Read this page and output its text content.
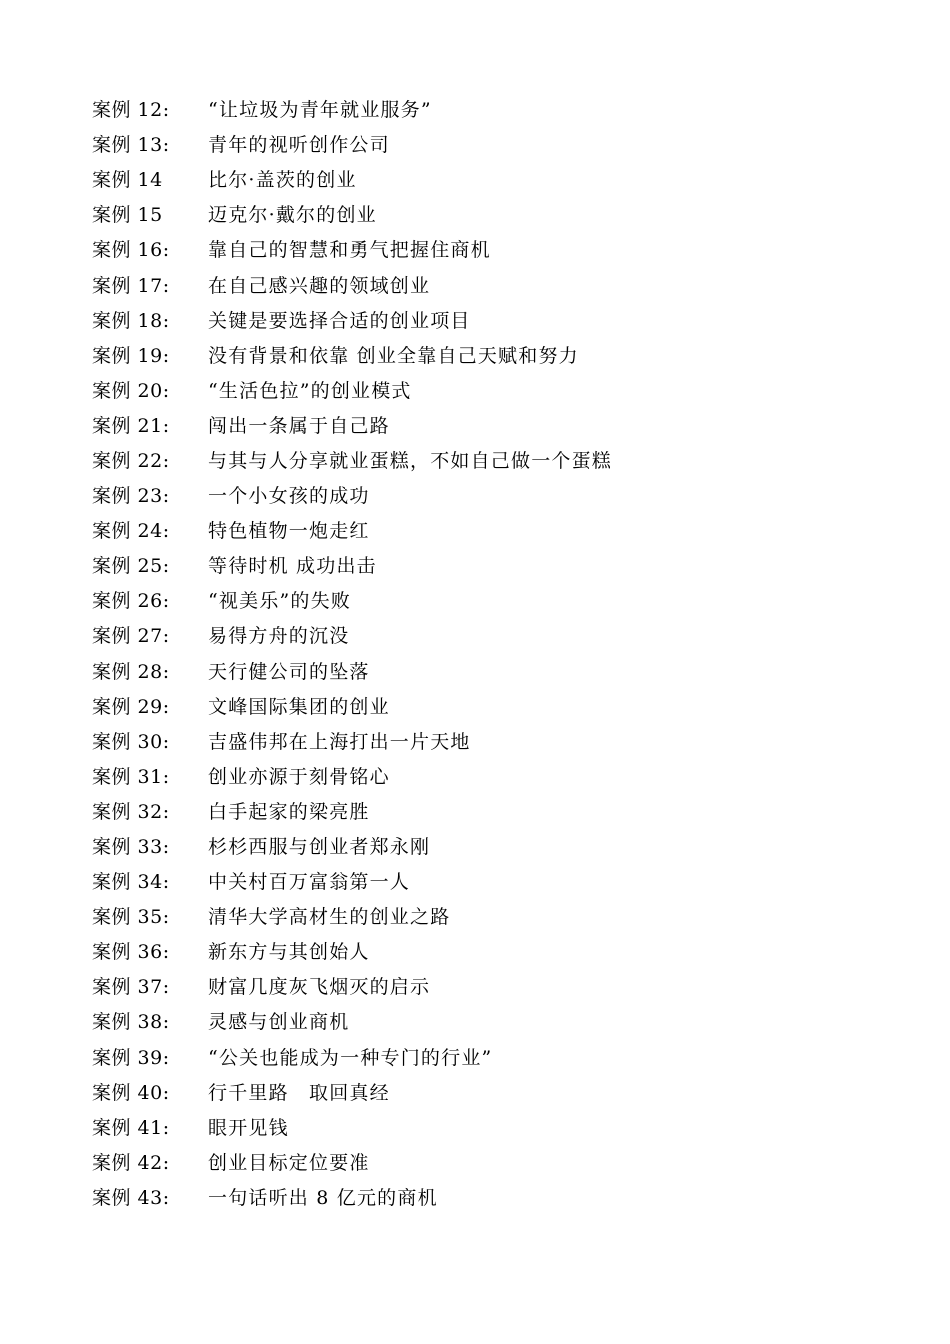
案例 12:	“让垃圾为青年就业服务”
案例 13:	青年的视听创作公司
案例 14	比尔·盖茨的创业
案例 15	迈克尔·戴尔的创业
案例 16:	靠自己的智慧和勇气把握住商机
案例 17:	在自己感兴趣的领域创业
案例 18:	关键是要选择合适的创业项目
案例 19:	没有背景和依靠 创业全靠自己天赋和努力
案例 20:	“生活色拉”的创业模式
案例 21:	闯出一条属于自己路
案例 22:	与其与人分享就业蛋糕，不如自己做一个蛋糕
案例 23:	一个小女孩的成功
案例 24:	特色植物一炮走红
案例 25:	等待时机 成功出击
案例 26:	“视美乐”的失败
案例 27:	易得方舟的沉没
案例 28:	天行健公司的坠落
案例 29:	文峰国际集团的创业
案例 30:	吉盛伟邦在上海打出一片天地
案例 31:	创业亦源于刻骨铭心
案例 32:	白手起家的梁亮胜
案例 33:	杉杉西服与创业者郑永刚
案例 34:	中关村百万富翁第一人
案例 35:	清华大学高材生的创业之路
案例 36:	新东方与其创始人
案例 37:	财富几度灰飞烟灭的启示
案例 38:	灵感与创业商机
案例 39:	“公关也能成为一种专门的行业”
案例 40:	行千里路　取回真经
案例 41:	眼开见钱
案例 42:	创业目标定位要准
案例 43:	一句话听出 8 亿元的商机
